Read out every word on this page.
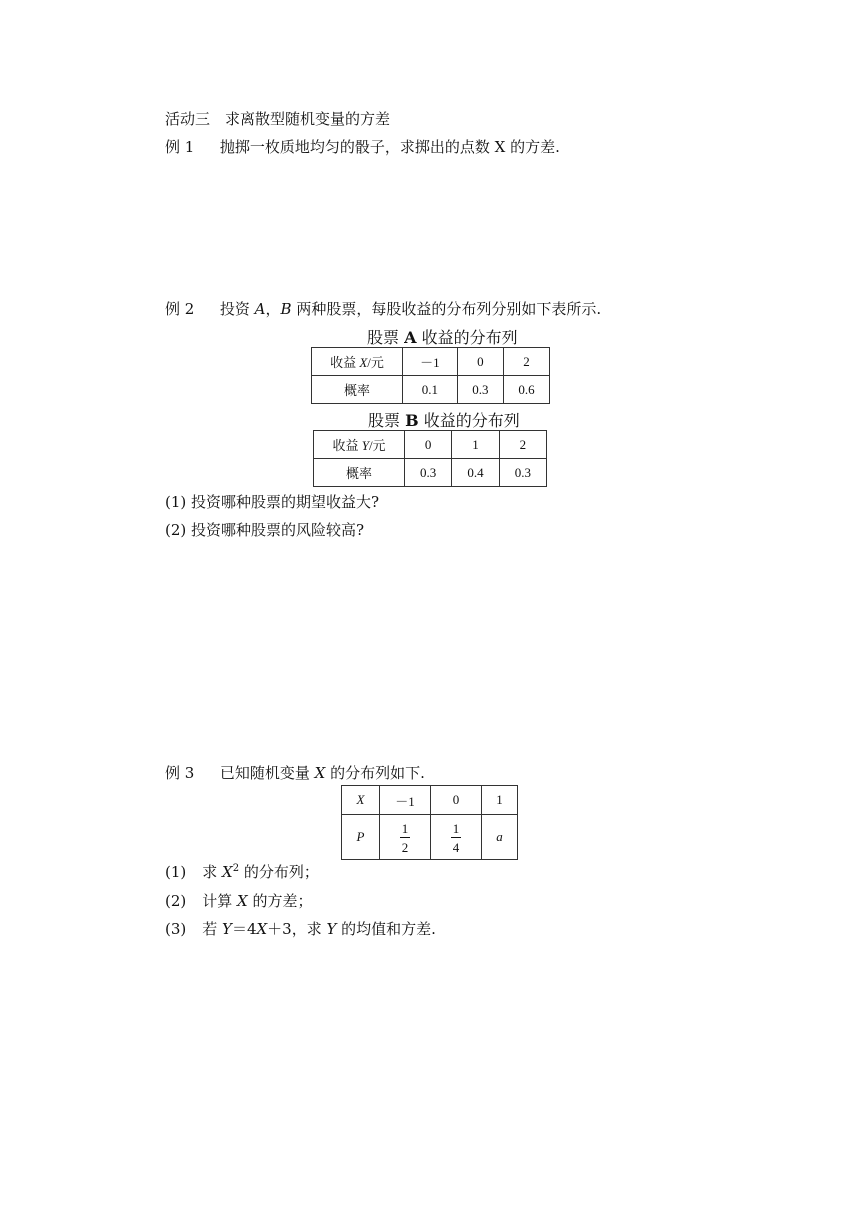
活动三　求离散型随机变量的方差
例 1 抛掷一枚质地均匀的骰子，求掷出的点数 X 的方差.
例 2 投资 A，B 两种股票，每股收益的分布列分别如下表所示.
股票 A 收益的分布列
收益 X/元	－1	0	2
概率	0.1	0.3	0.6
股票 B 收益的分布列
收益 Y/元	0	1	2
概率	0.3	0.4	0.3
(1) 投资哪种股票的期望收益大?
(2) 投资哪种股票的风险较高?
例 3 已知随机变量 X 的分布列如下.
X	－1	0	1
P	$\frac{1}{2}$	$\frac{1}{4}$	a
(1) 求 $X^2$ 的分布列；
(2) 计算 X 的方差；
(3) 若 Y＝4X＋3，求 Y 的均值和方差.
